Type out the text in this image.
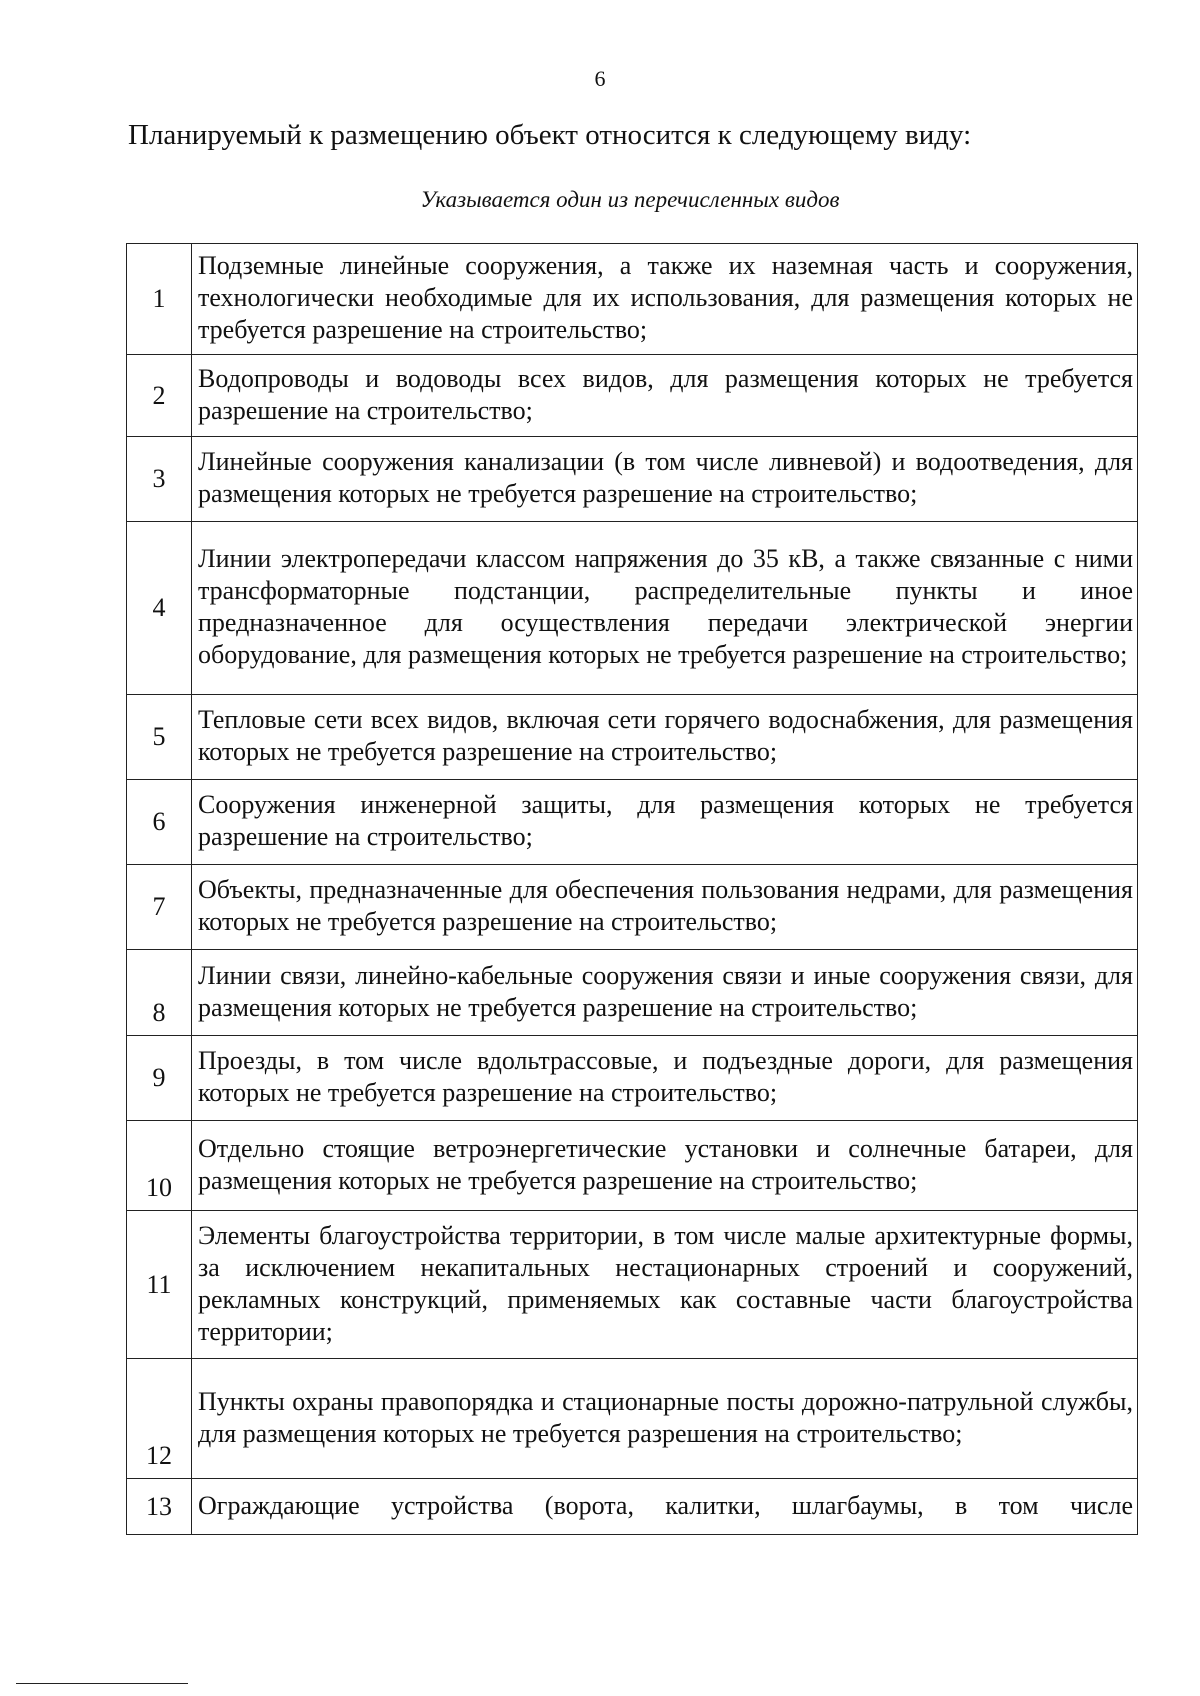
6
Планируемый к размещению объект относится к следующему виду:
Указывается один из перечисленных видов
1	Подземные линейные сооружения, а также их наземная часть и сооружения, технологически необходимые для их использования, для размещения которых не требуется разрешение на строительство;
2	Водопроводы и водоводы всех видов, для размещения которых не требуется разрешение на строительство;
3	Линейные сооружения канализации (в том числе ливневой) и водоотведения, для размещения которых не требуется разрешение на строительство;
4	Линии электропередачи классом напряжения до 35 кВ, а также связанные с ними трансформаторные подстанции, распределительные пункты и иное предназначенное для осуществления передачи электрической энергии оборудование, для размещения которых не требуется разрешение на строительство;
5	Тепловые сети всех видов, включая сети горячего водоснабжения, для размещения которых не требуется разрешение на строительство;
6	Сооружения инженерной защиты, для размещения которых не требуется разрешение на строительство;
7	Объекты, предназначенные для обеспечения пользования недрами, для размещения которых не требуется разрешение на строительство;
8	Линии связи, линейно-кабельные сооружения связи и иные сооружения связи, для размещения которых не требуется разрешение на строительство;
9	Проезды, в том числе вдольтрассовые, и подъездные дороги, для размещения которых не требуется разрешение на строительство;
10	Отдельно стоящие ветроэнергетические установки и солнечные батареи, для размещения которых не требуется разрешение на строительство;
11	Элементы благоустройства территории, в том числе малые архитектурные формы, за исключением некапитальных нестационарных строений и сооружений, рекламных конструкций, применяемых как составные части благоустройства территории;
12	Пункты охраны правопорядка и стационарные посты дорожно-патрульной службы, для размещения которых не требуется разрешения на строительство;
13	Ограждающие устройства (ворота, калитки, шлагбаумы, в том числе
